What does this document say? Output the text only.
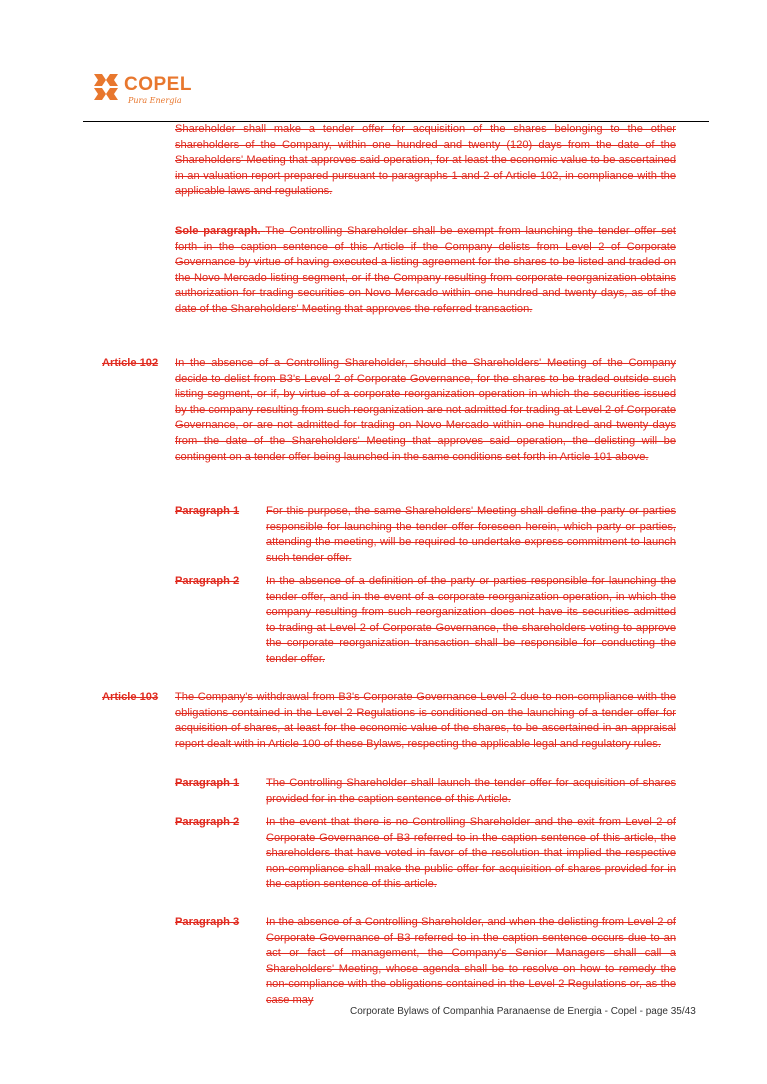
COPEL
Pura Energia
Shareholder shall make a tender offer for acquisition of the shares belonging to the other shareholders of the Company, within one hundred and twenty (120) days from the date of the Shareholders' Meeting that approves said operation, for at least the economic value to be ascertained in an valuation report prepared pursuant to paragraphs 1 and 2 of Article 102, in compliance with the applicable laws and regulations.
Sole paragraph. The Controlling Shareholder shall be exempt from launching the tender offer set forth in the caption sentence of this Article if the Company delists from Level 2 of Corporate Governance by virtue of having executed a listing agreement for the shares to be listed and traded on the Novo Mercado listing segment, or if the Company resulting from corporate reorganization obtains authorization for trading securities on Novo Mercado within one hundred and twenty days, as of the date of the Shareholders' Meeting that approves the referred transaction.
Article 102 In the absence of a Controlling Shareholder, should the Shareholders' Meeting of the Company decide to delist from B3's Level 2 of Corporate Governance, for the shares to be traded outside such listing segment, or if, by virtue of a corporate reorganization operation in which the securities issued by the company resulting from such reorganization are not admitted for trading at Level 2 of Corporate Governance, or are not admitted for trading on Novo Mercado within one hundred and twenty days from the date of the Shareholders' Meeting that approves said operation, the delisting will be contingent on a tender offer being launched in the same conditions set forth in Article 101 above.
Paragraph 1 For this purpose, the same Shareholders' Meeting shall define the party or parties responsible for launching the tender offer foreseen herein, which party or parties, attending the meeting, will be required to undertake express commitment to launch such tender offer.
Paragraph 2 In the absence of a definition of the party or parties responsible for launching the tender offer, and in the event of a corporate reorganization operation, in which the company resulting from such reorganization does not have its securities admitted to trading at Level 2 of Corporate Governance, the shareholders voting to approve the corporate reorganization transaction shall be responsible for conducting the tender offer.
Article 103 The Company's withdrawal from B3's Corporate Governance Level 2 due to non-compliance with the obligations contained in the Level 2 Regulations is conditioned on the launching of a tender offer for acquisition of shares, at least for the economic value of the shares, to be ascertained in an appraisal report dealt with in Article 100 of these Bylaws, respecting the applicable legal and regulatory rules.
Paragraph 1 The Controlling Shareholder shall launch the tender offer for acquisition of shares provided for in the caption sentence of this Article.
Paragraph 2 In the event that there is no Controlling Shareholder and the exit from Level 2 of Corporate Governance of B3 referred to in the caption sentence of this article, the shareholders that have voted in favor of the resolution that implied the respective non-compliance shall make the public offer for acquisition of shares provided for in the caption sentence of this article.
Paragraph 3 In the absence of a Controlling Shareholder, and when the delisting from Level 2 of Corporate Governance of B3 referred to in the caption sentence occurs due to an act or fact of management, the Company's Senior Managers shall call a Shareholders' Meeting, whose agenda shall be to resolve on how to remedy the non-compliance with the obligations contained in the Level 2 Regulations or, as the case may
Corporate Bylaws of Companhia Paranaense de Energia - Copel - page 35/43
